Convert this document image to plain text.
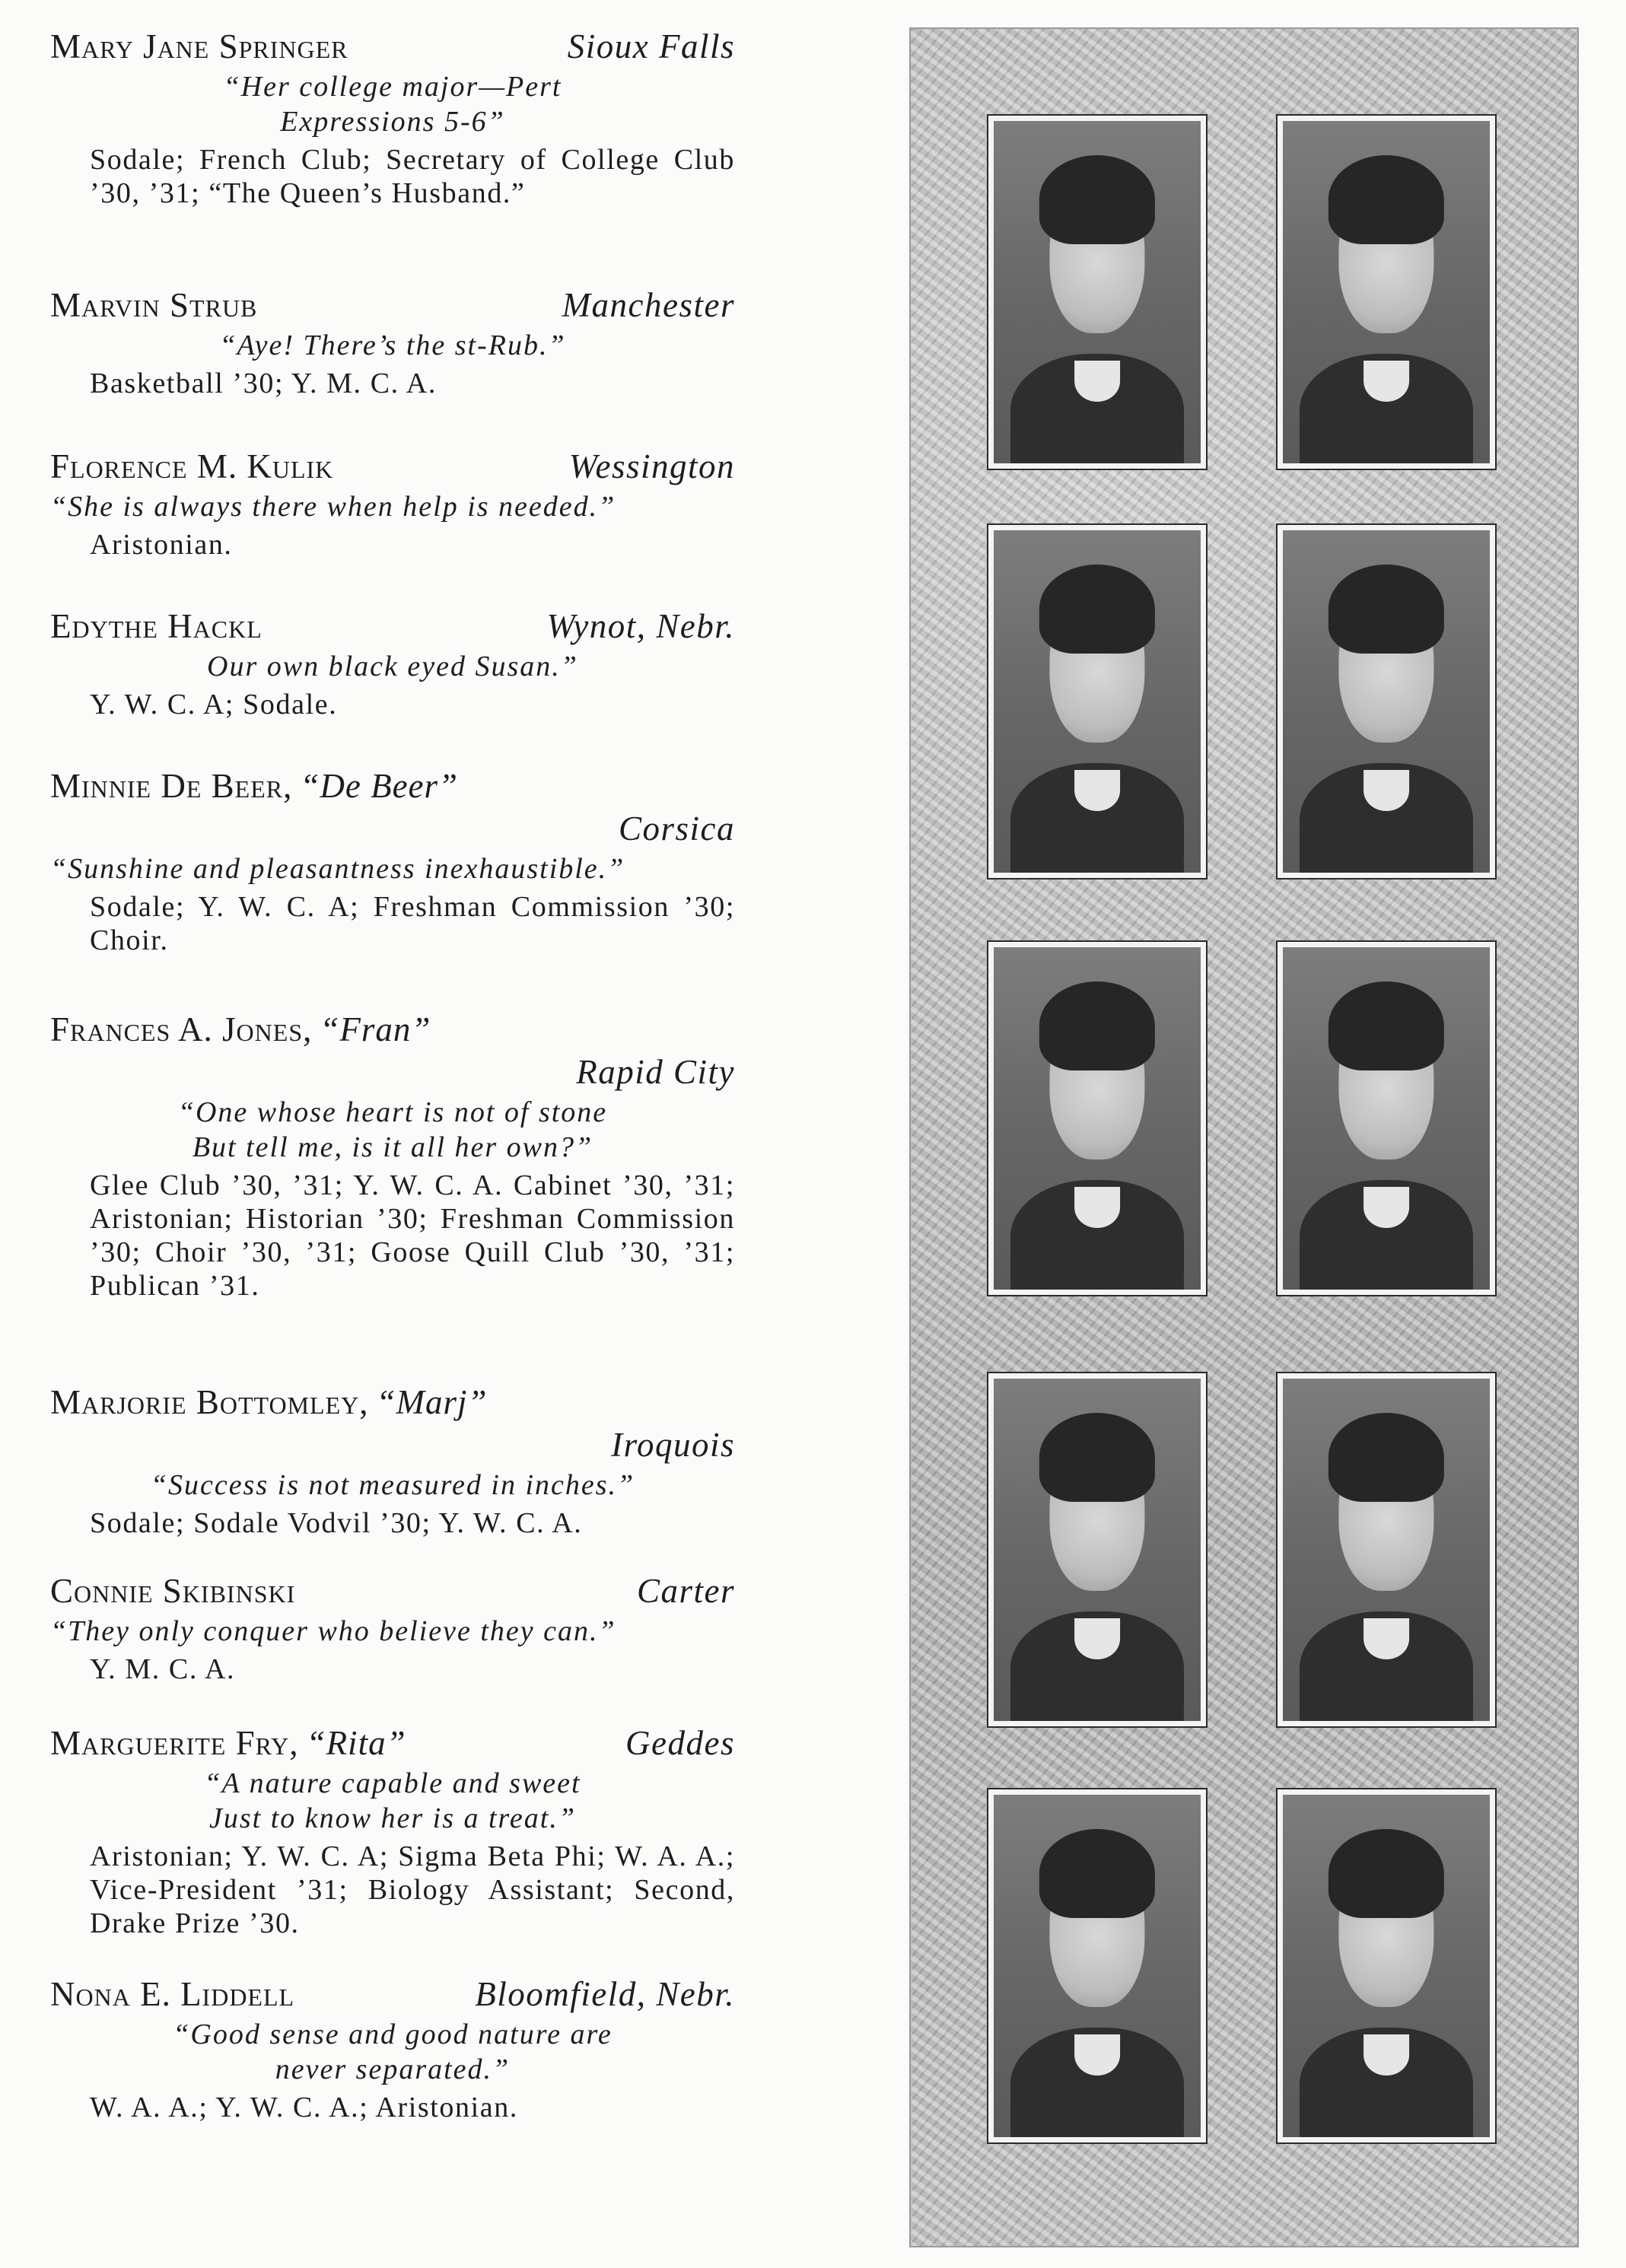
Mary Jane Springer	Sioux Falls
“Her college major—Pert
Expressions 5-6”
Sodale; French Club; Secretary of College Club ’30, ’31; “The Queen’s Husband.”
Marvin Strub	Manchester
“Aye! There’s the st-Rub.”
Basketball ’30; Y. M. C. A.
Florence M. Kulik	Wessington
“She is always there when help is needed.”
Aristonian.
Edythe Hackl	Wynot, Nebr.
Our own black eyed Susan.”
Y. W. C. A; Sodale.
Minnie De Beer, “De Beer”
Corsica
“Sunshine and pleasantness inexhaustible.”
Sodale; Y. W. C. A; Freshman Commission ’30; Choir.
Frances A. Jones, “Fran”
Rapid City
“One whose heart is not of stone
But tell me, is it all her own?”
Glee Club ’30, ’31; Y. W. C. A. Cabinet ’30, ’31; Aristonian; Historian ’30; Freshman Commission ’30; Choir ’30, ’31; Goose Quill Club ’30, ’31; Publican ’31.
Marjorie Bottomley, “Marj”
Iroquois
“Success is not measured in inches.”
Sodale; Sodale Vodvil ’30; Y. W. C. A.
Connie Skibinski	Carter
“They only conquer who believe they can.”
Y. M. C. A.
Marguerite Fry, “Rita”	Geddes
“A nature capable and sweet
Just to know her is a treat.”
Aristonian; Y. W. C. A; Sigma Beta Phi; W. A. A.; Vice-President ’31; Biology Assistant; Second, Drake Prize ’30.
Nona E. Liddell	Bloomfield, Nebr.
“Good sense and good nature are
never separated.”
W. A. A.; Y. W. C. A.; Aristonian.
